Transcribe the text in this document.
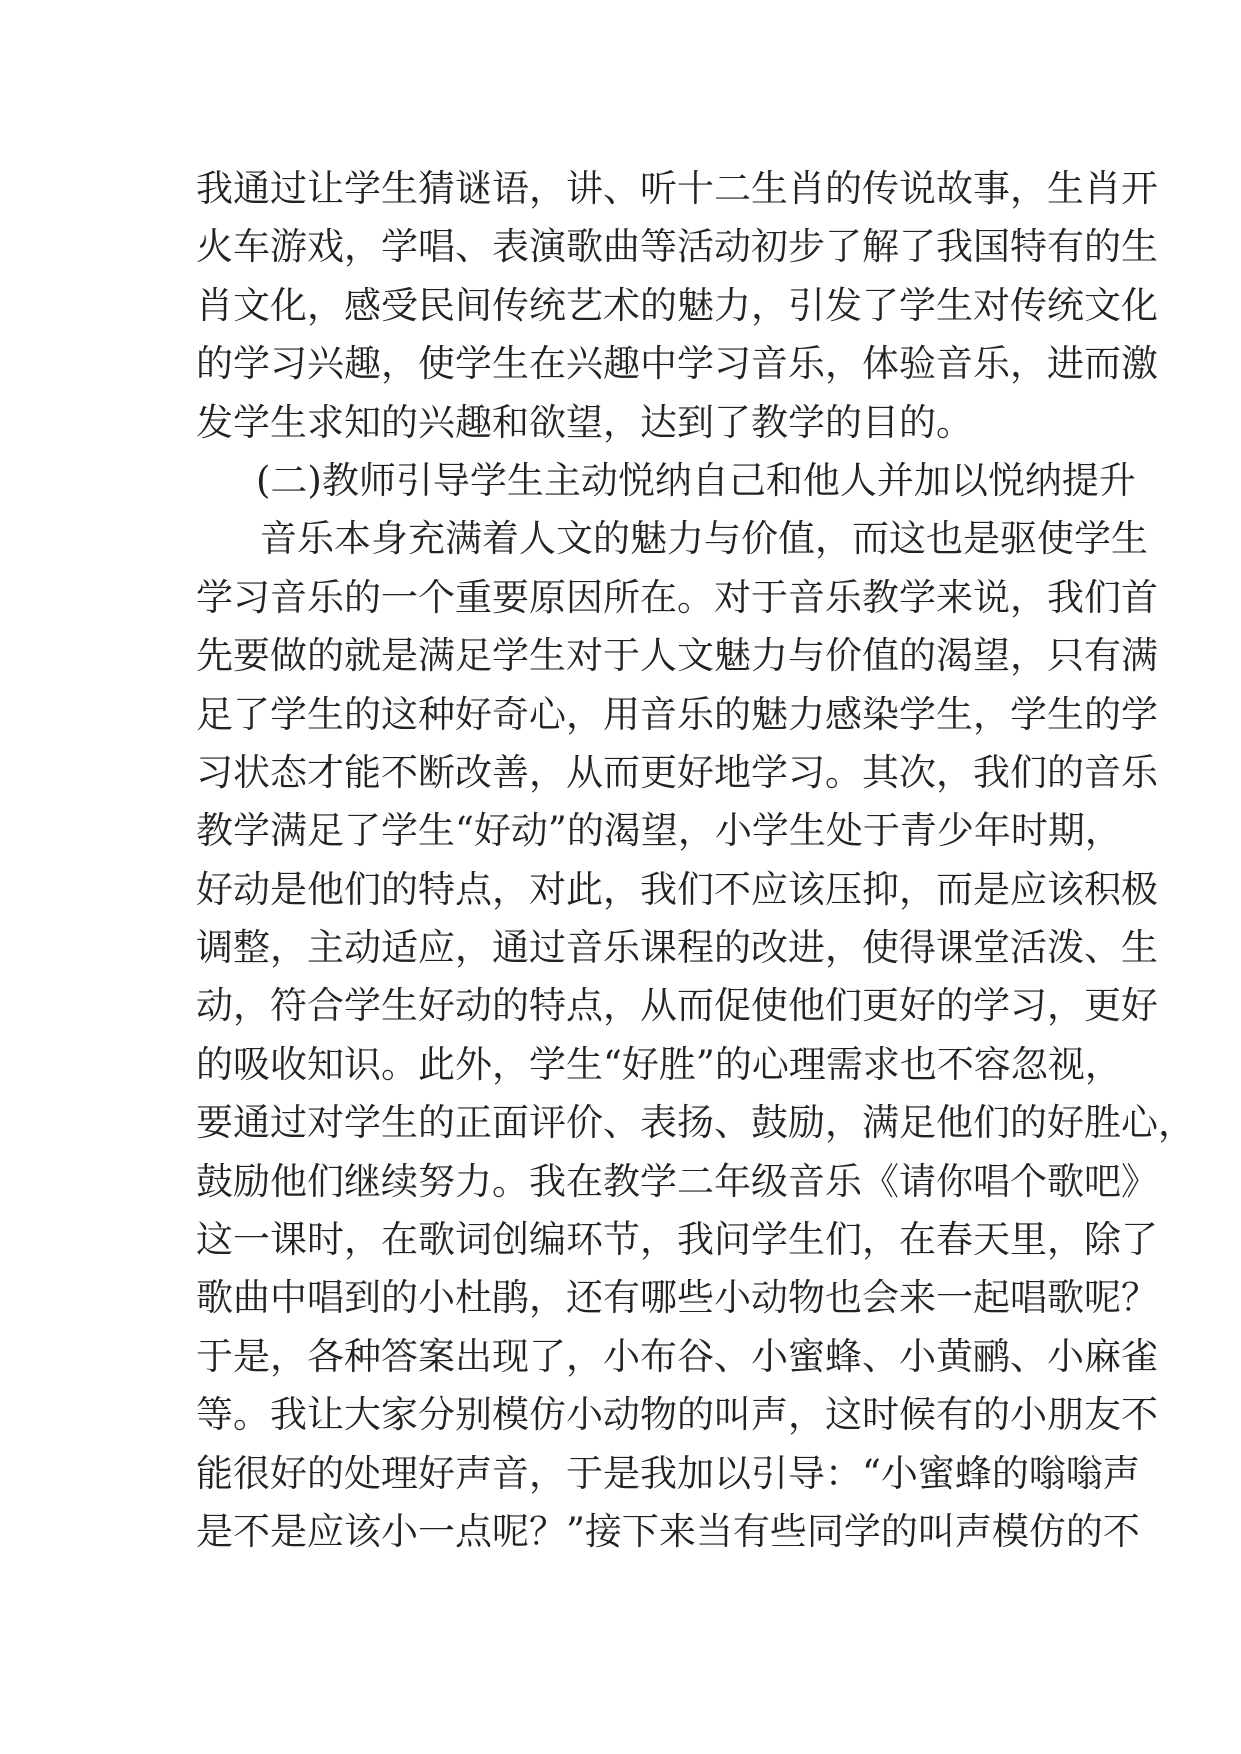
我通过让学生猜谜语，讲、听十二生肖的传说故事，生肖开
火车游戏，学唱、表演歌曲等活动初步了解了我国特有的生
肖文化，感受民间传统艺术的魅力，引发了学生对传统文化
的学习兴趣，使学生在兴趣中学习音乐，体验音乐，进而激
发学生求知的兴趣和欲望，达到了教学的目的。
(二)教师引导学生主动悦纳自己和他人并加以悦纳提升
音乐本身充满着人文的魅力与价值，而这也是驱使学生
学习音乐的一个重要原因所在。对于音乐教学来说，我们首
先要做的就是满足学生对于人文魅力与价值的渴望，只有满
足了学生的这种好奇心，用音乐的魅力感染学生，学生的学
习状态才能不断改善，从而更好地学习。其次，我们的音乐
教学满足了学生“好动”的渴望，小学生处于青少年时期，
好动是他们的特点，对此，我们不应该压抑，而是应该积极
调整，主动适应，通过音乐课程的改进，使得课堂活泼、生
动，符合学生好动的特点，从而促使他们更好的学习，更好
的吸收知识。此外，学生“好胜”的心理需求也不容忽视，
要通过对学生的正面评价、表扬、鼓励，满足他们的好胜心，
鼓励他们继续努力。我在教学二年级音乐《请你唱个歌吧》
这一课时，在歌词创编环节，我问学生们，在春天里，除了
歌曲中唱到的小杜鹃，还有哪些小动物也会来一起唱歌呢？
于是，各种答案出现了，小布谷、小蜜蜂、小黄鹂、小麻雀
等。我让大家分别模仿小动物的叫声，这时候有的小朋友不
能很好的处理好声音，于是我加以引导：“小蜜蜂的嗡嗡声
是不是应该小一点呢？”接下来当有些同学的叫声模仿的不
